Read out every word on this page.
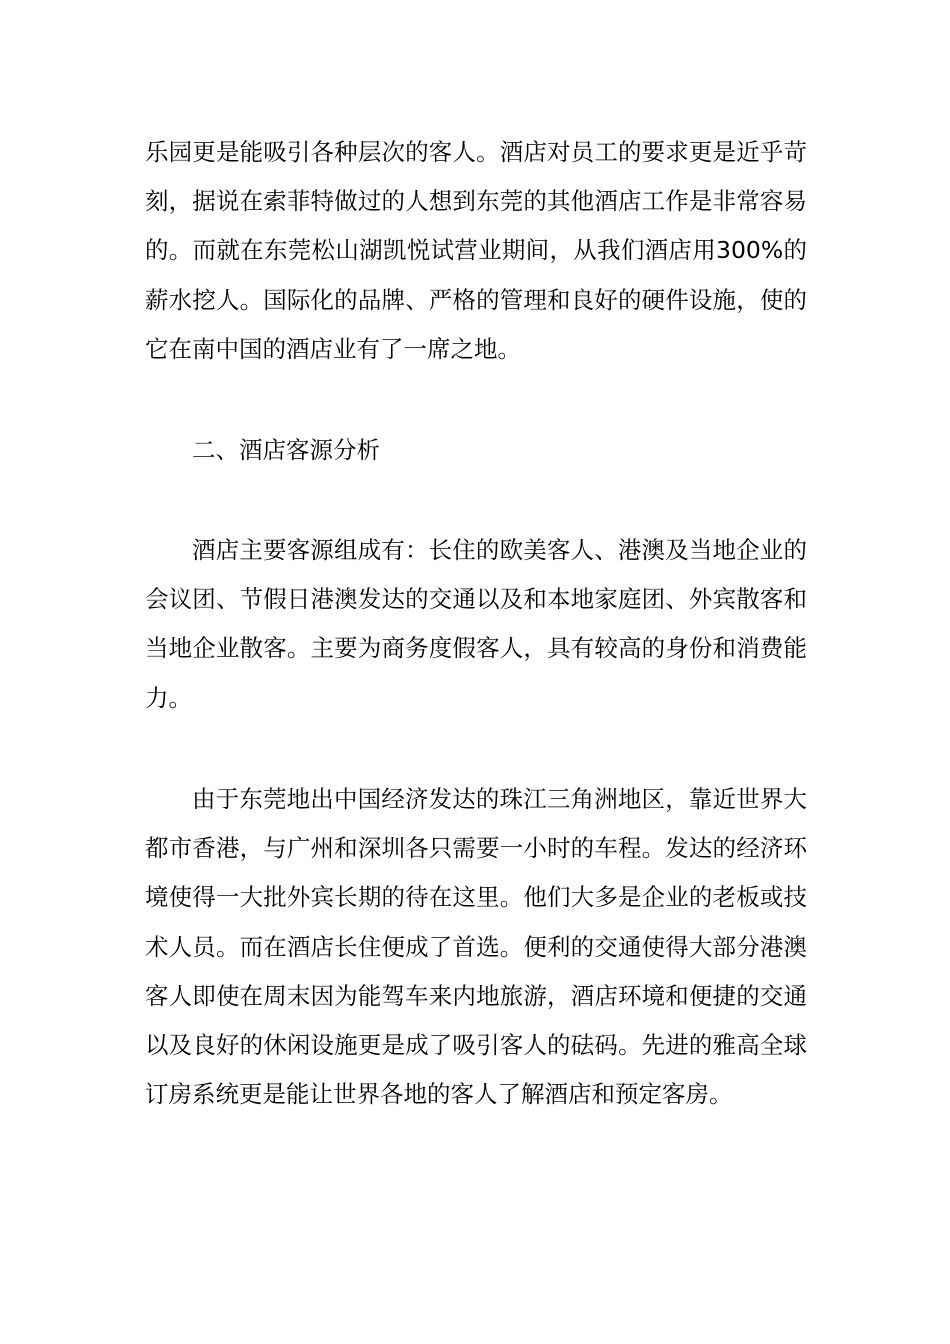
乐园更是能吸引各种层次的客人。酒店对员工的要求更是近乎苛刻，据说在索菲特做过的人想到东莞的其他酒店工作是非常容易的。而就在东莞松山湖凯悦试营业期间，从我们酒店用300%的薪水挖人。国际化的品牌、严格的管理和良好的硬件设施，使的它在南中国的酒店业有了一席之地。

二、酒店客源分析

酒店主要客源组成有：长住的欧美客人、港澳及当地企业的会议团、节假日港澳发达的交通以及和本地家庭团、外宾散客和当地企业散客。主要为商务度假客人，具有较高的身份和消费能力。

由于东莞地出中国经济发达的珠江三角洲地区，靠近世界大都市香港，与广州和深圳各只需要一小时的车程。发达的经济环境使得一大批外宾长期的待在这里。他们大多是企业的老板或技术人员。而在酒店长住便成了首选。便利的交通使得大部分港澳客人即使在周末因为能驾车来内地旅游，酒店环境和便捷的交通以及良好的休闲设施更是成了吸引客人的砝码。先进的雅高全球订房系统更是能让世界各地的客人了解酒店和预定客房。
